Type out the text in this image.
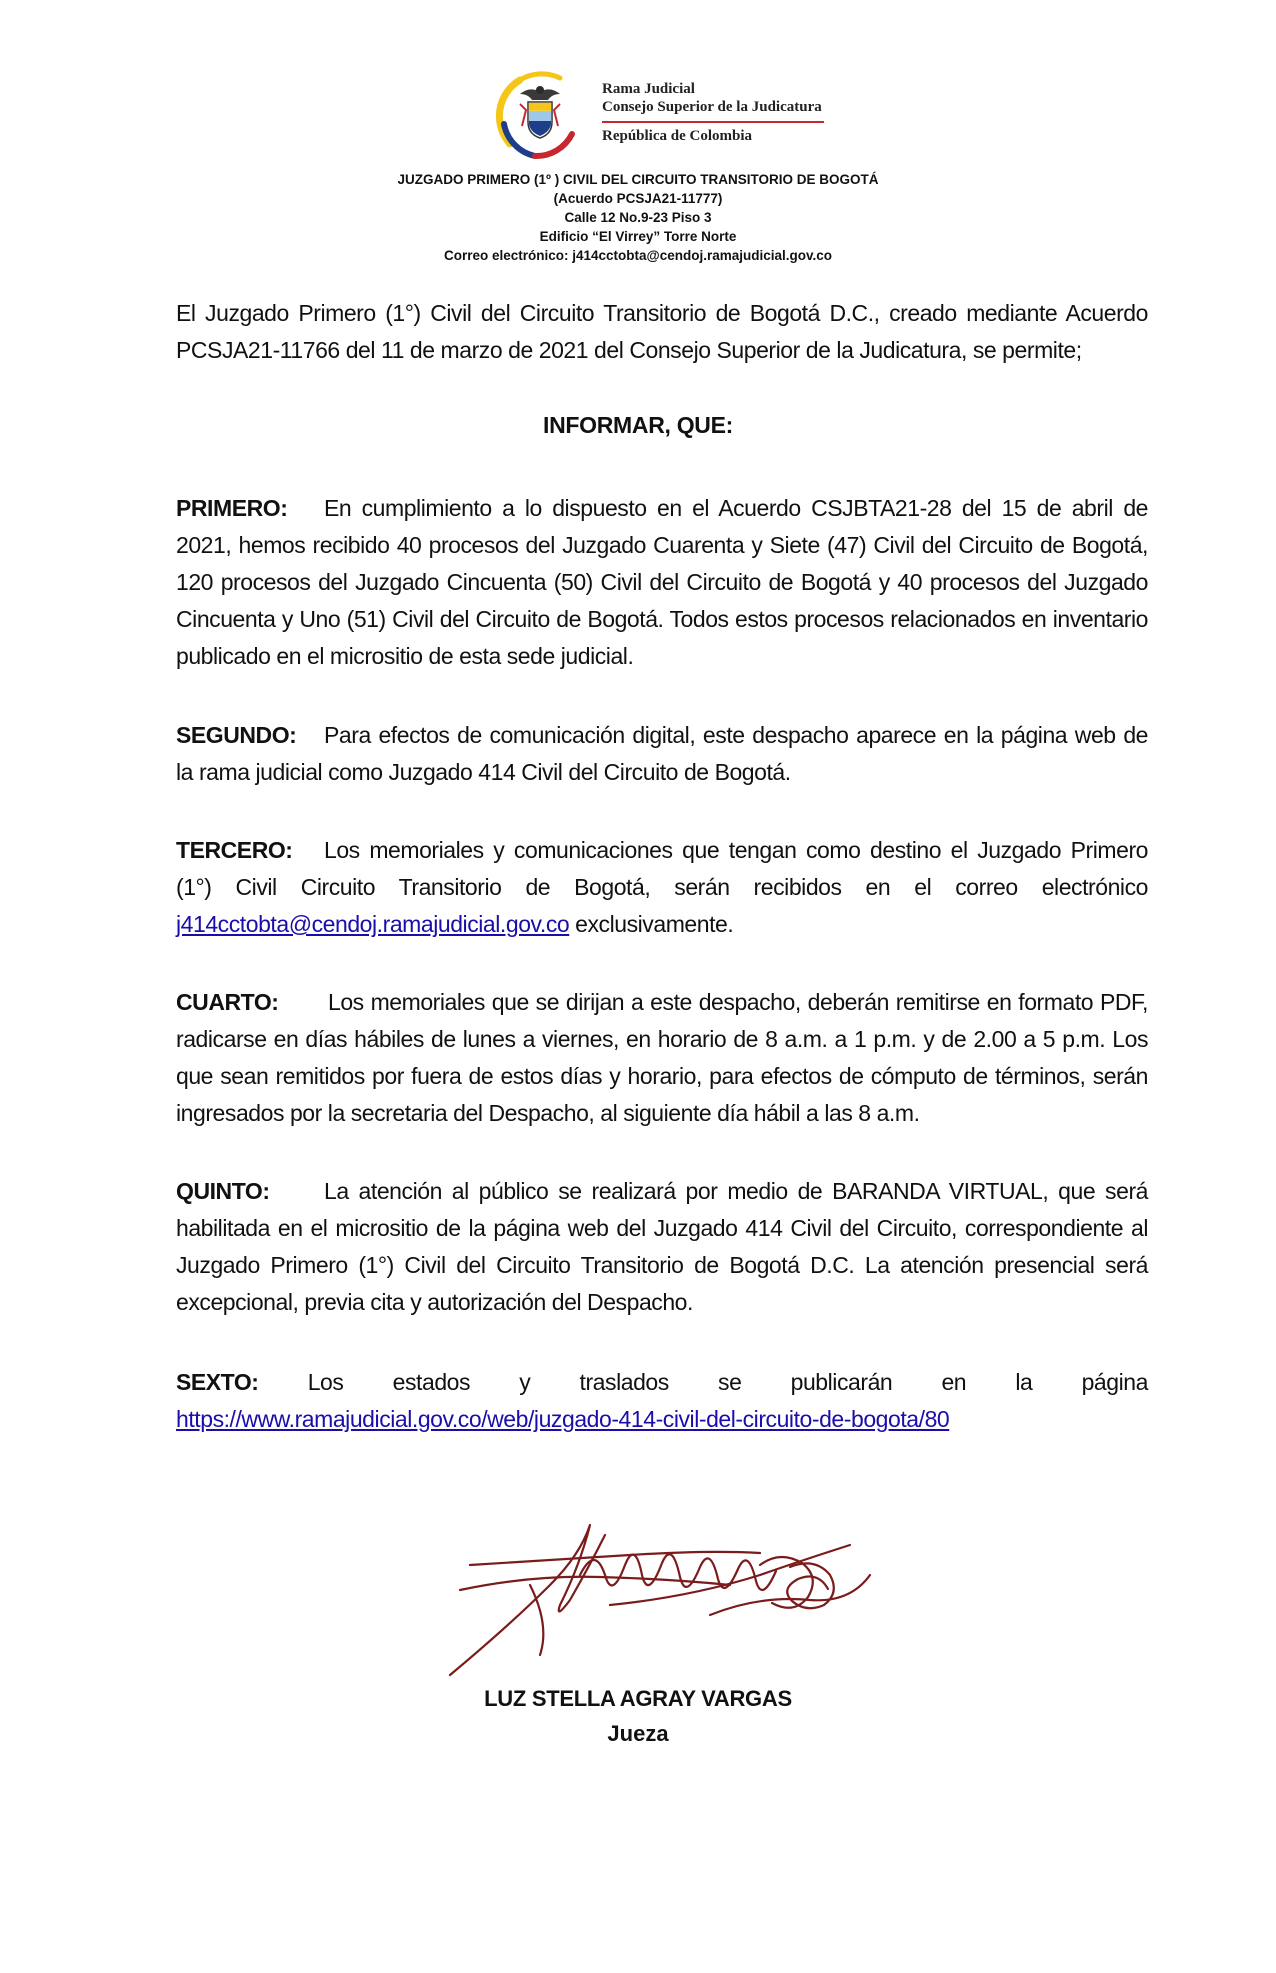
Rama Judicial
Consejo Superior de la Judicatura
República de Colombia
JUZGADO PRIMERO (1º ) CIVIL DEL CIRCUITO TRANSITORIO DE BOGOTÁ
(Acuerdo PCSJA21-11777)
Calle 12 No.9-23 Piso 3
Edificio “El Virrey” Torre Norte
Correo electrónico: j414cctobta@cendoj.ramajudicial.gov.co

El Juzgado Primero (1°) Civil del Circuito Transitorio de Bogotá D.C., creado mediante Acuerdo PCSJA21-11766 del 11 de marzo de 2021 del Consejo Superior de la Judicatura, se permite;

INFORMAR, QUE:

PRIMERO: En cumplimiento a lo dispuesto en el Acuerdo CSJBTA21-28 del 15 de abril de 2021, hemos recibido 40 procesos del Juzgado Cuarenta y Siete (47) Civil del Circuito de Bogotá, 120 procesos del Juzgado Cincuenta (50) Civil del Circuito de Bogotá y 40 procesos del Juzgado Cincuenta y Uno (51) Civil del Circuito de Bogotá. Todos estos procesos relacionados en inventario publicado en el micrositio de esta sede judicial.

SEGUNDO: Para efectos de comunicación digital, este despacho aparece en la página web de la rama judicial como Juzgado 414 Civil del Circuito de Bogotá.

TERCERO: Los memoriales y comunicaciones que tengan como destino el Juzgado Primero (1°) Civil Circuito Transitorio de Bogotá, serán recibidos en el correo electrónico j414cctobta@cendoj.ramajudicial.gov.co exclusivamente.

CUARTO: Los memoriales que se dirijan a este despacho, deberán remitirse en formato PDF, radicarse en días hábiles de lunes a viernes, en horario de 8 a.m. a 1 p.m. y de 2.00 a 5 p.m. Los que sean remitidos por fuera de estos días y horario, para efectos de cómputo de términos, serán ingresados por la secretaria del Despacho, al siguiente día hábil a las 8 a.m.

QUINTO: La atención al público se realizará por medio de BARANDA VIRTUAL, que será habilitada en el micrositio de la página web del Juzgado 414 Civil del Circuito, correspondiente al Juzgado Primero (1°) Civil del Circuito Transitorio de Bogotá D.C. La atención presencial será excepcional, previa cita y autorización del Despacho.

SEXTO: Los estados y traslados se publicarán en la página
https://www.ramajudicial.gov.co/web/juzgado-414-civil-del-circuito-de-bogota/80
LUZ STELLA AGRAY VARGAS
Jueza
